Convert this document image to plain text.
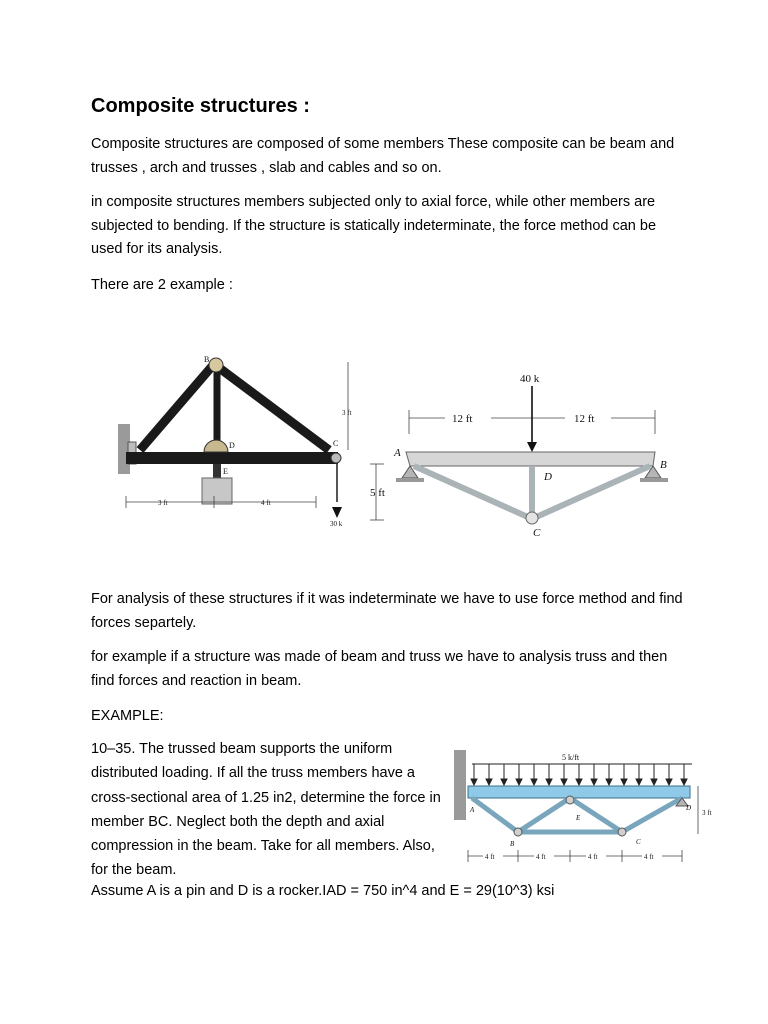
Composite structures :

Composite structures are composed of some members These composite can be beam and trusses , arch and trusses , slab and cables and so on.

in composite structures members subjected only to axial force, while other members are subjected to bending. If the structure is statically indeterminate, the force method can be used for its analysis.

There are 2 example :

B
A	D	C
E
3 ft
3 ft	4 ft
30 k
40 k
12 ft	12 ft
5 ft
A
B
D
C

For analysis of these structures if it was indeterminate we have to use force method and find forces separtely.

for example if a structure was made of beam and truss we have to analysis truss and then find forces and reaction in beam.

EXAMPLE:

10–35. The trussed beam supports the uniform distributed loading. If all the truss members have a cross-sectional area of 1.25 in2, determine the force in member BC. Neglect both the depth and axial compression in the beam. Take for all members. Also, for the beam.

5 k/ft
A
B	C
D
E
3 ft
4 ft	4 ft	4 ft	4 ft

Assume A is a pin and D is a rocker.IAD = 750 in^4 and E = 29(10^3) ksi
